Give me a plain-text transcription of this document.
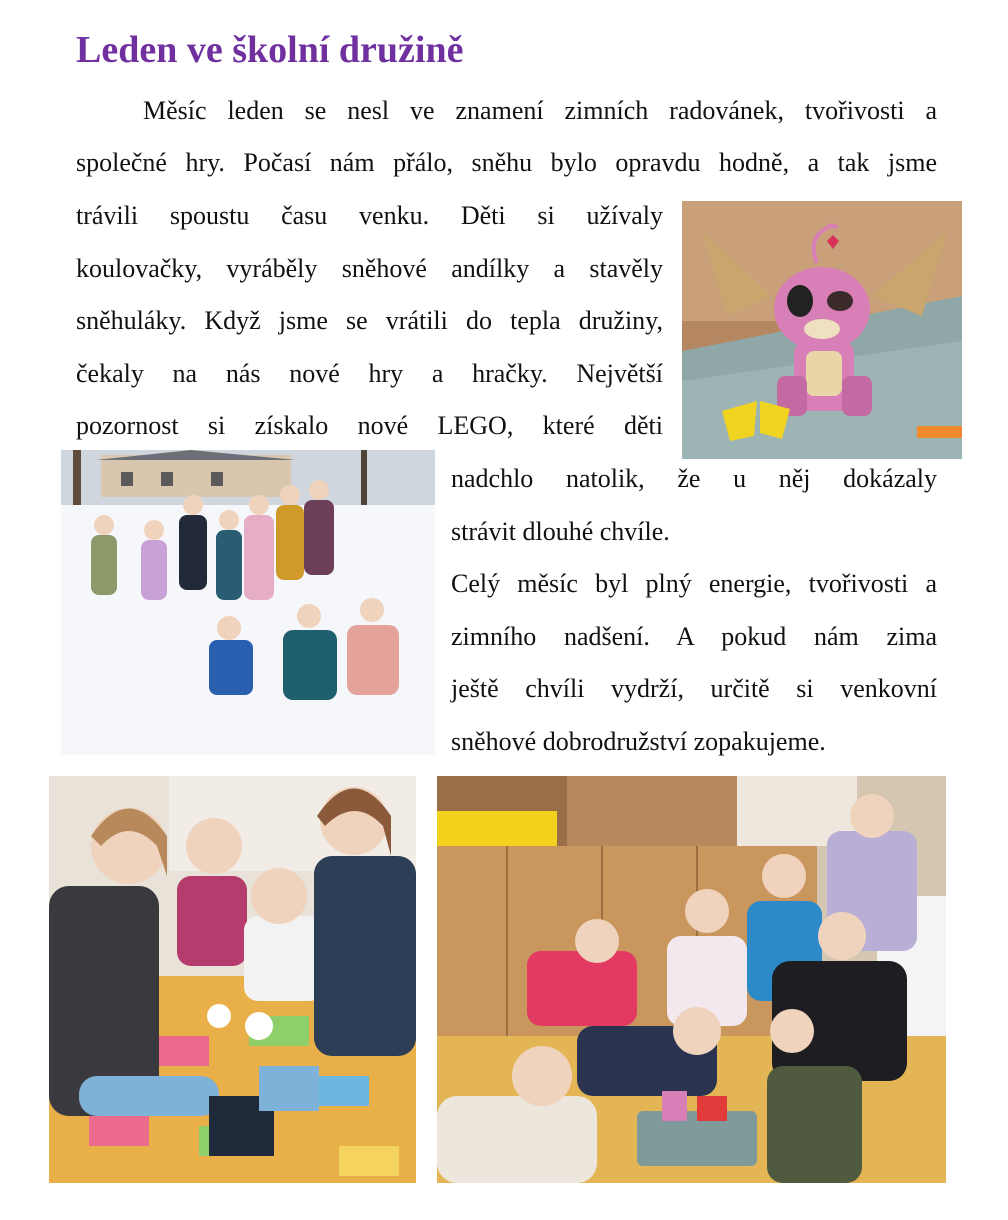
Leden ve školní družině
Měsíc leden se nesl ve znamení zimních radovánek, tvořivosti a
společné hry. Počasí nám přálo, sněhu bylo opravdu hodně, a tak jsme
trávili spoustu času venku. Děti si užívaly
koulovačky, vyráběly sněhové andílky a stavěly
sněhuláky. Když jsme se vrátili do tepla družiny,
čekaly na nás nové hry a hračky. Největší
pozornost si získalo nové LEGO, které děti
nadchlo natolik, že u něj dokázaly
strávit dlouhé chvíle.
Celý měsíc byl plný energie, tvořivosti a
zimního nadšení. A pokud nám zima
ještě chvíli vydrží, určitě si venkovní
sněhové dobrodružství zopakujeme.
